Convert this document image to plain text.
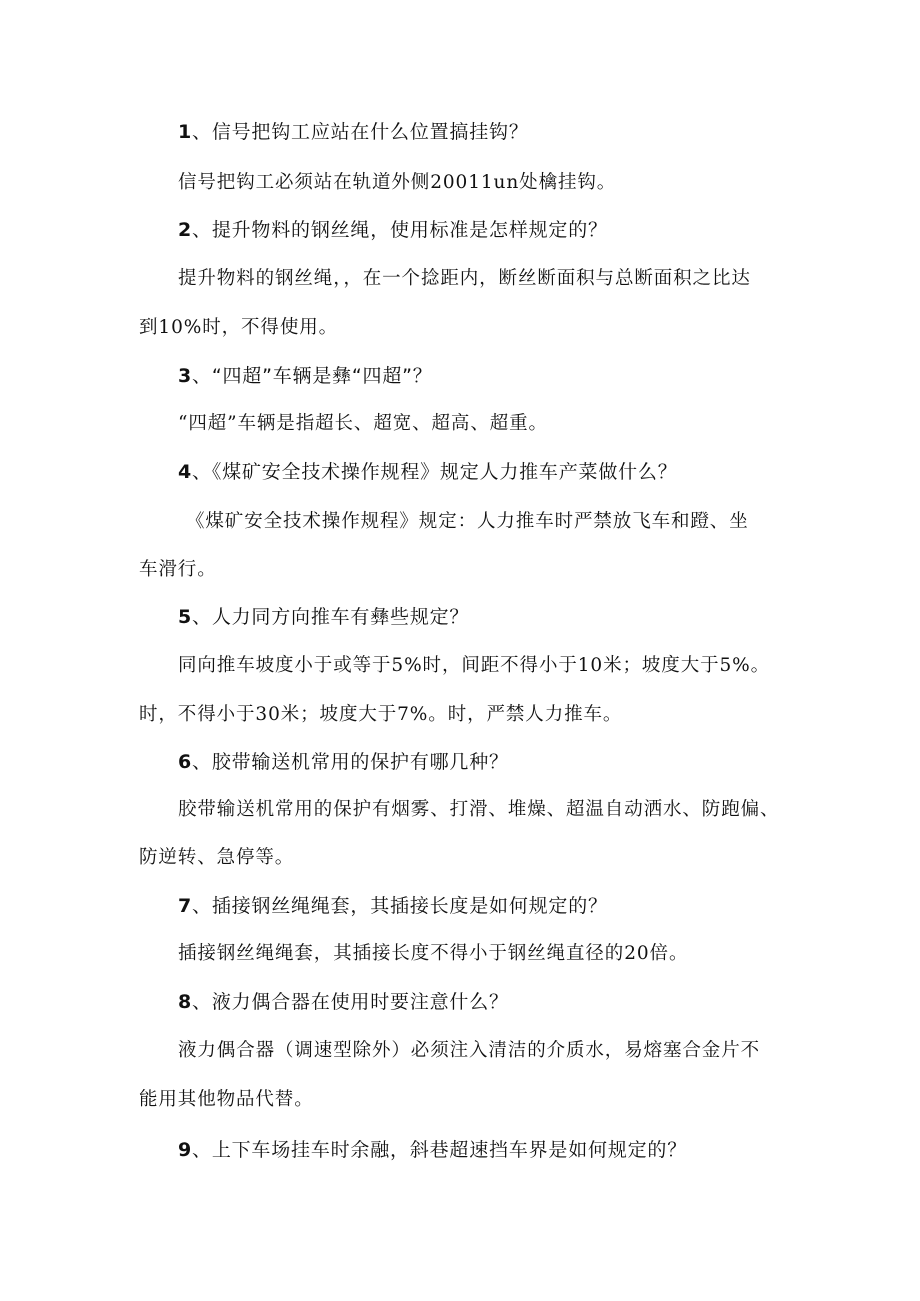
1、信号把钩工应站在什么位置搞挂钩？
信号把钩工必须站在轨道外侧20011un处檎挂钩。
2、提升物料的钢丝绳，使用标准是怎样规定的？
提升物料的钢丝绳，，在一个捻距内，断丝断面积与总断面积之比达
到10%时，不得使用。
3、“四超”车辆是彝“四超”？
“四超”车辆是指超长、超宽、超高、超重。
4、《煤矿安全技术操作规程》规定人力推车产菜做什么？
《煤矿安全技术操作规程》规定：人力推车时严禁放飞车和蹬、坐
车滑行。
5、人力同方向推车有彝些规定？
同向推车坡度小于或等于5%时，间距不得小于10米；坡度大于5%。
时，不得小于30米；坡度大于7%。时，严禁人力推车。
6、胶带输送机常用的保护有哪几种？
胶带输送机常用的保护有烟雾、打滑、堆燥、超温自动洒水、防跑偏、
防逆转、急停等。
7、插接钢丝绳绳套，其插接长度是如何规定的？
插接钢丝绳绳套，其插接长度不得小于钢丝绳直径的20倍。
8、液力偶合器在使用时要注意什么？
液力偶合器（调速型除外）必须注入清洁的介质水，易熔塞合金片不
能用其他物品代替。
9、上下车场挂车时余融，斜巷超速挡车界是如何规定的？
